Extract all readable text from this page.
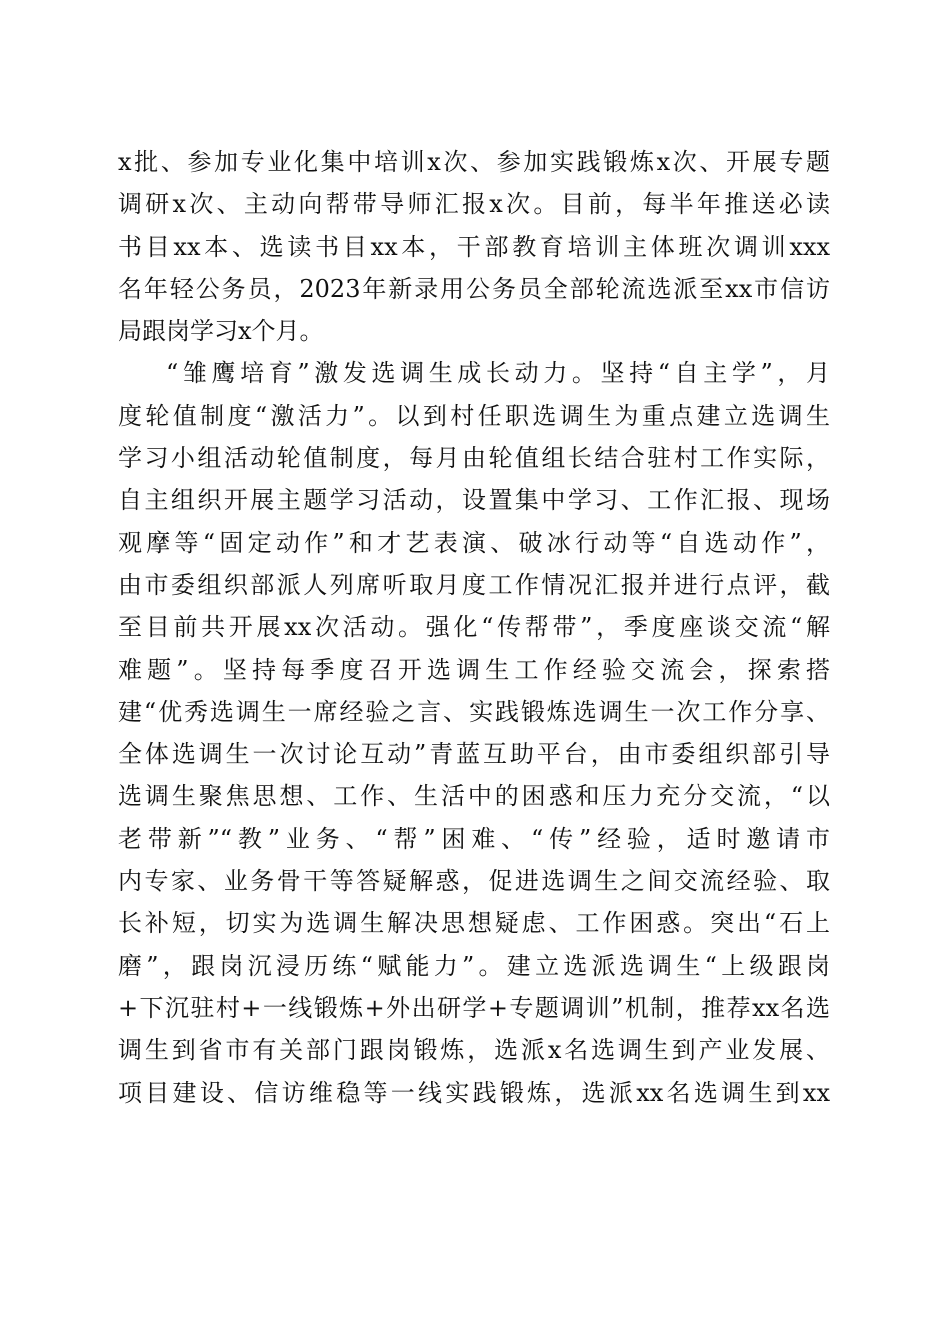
x批、参加专业化集中培训x次、参加实践锻炼x次、开展专题
调研x次、主动向帮带导师汇报x次。目前，每半年推送必读
书目xx本、选读书目xx本，干部教育培训主体班次调训xxx
名年轻公务员，2023年新录用公务员全部轮流选派至xx市信访
局跟岗学习x个月。
“雏鹰培育”激发选调生成长动力。坚持“自主学”，月
度轮值制度“激活力”。以到村任职选调生为重点建立选调生
学习小组活动轮值制度，每月由轮值组长结合驻村工作实际，
自主组织开展主题学习活动，设置集中学习、工作汇报、现场
观摩等“固定动作”和才艺表演、破冰行动等“自选动作”，
由市委组织部派人列席听取月度工作情况汇报并进行点评，截
至目前共开展xx次活动。强化“传帮带”，季度座谈交流“解
难题”。坚持每季度召开选调生工作经验交流会，探索搭
建“优秀选调生一席经验之言、实践锻炼选调生一次工作分享、
全体选调生一次讨论互动”青蓝互助平台，由市委组织部引导
选调生聚焦思想、工作、生活中的困惑和压力充分交流，“以
老带新”“教”业务、“帮”困难、“传”经验，适时邀请市
内专家、业务骨干等答疑解惑，促进选调生之间交流经验、取
长补短，切实为选调生解决思想疑虑、工作困惑。突出“石上
磨”，跟岗沉浸历练“赋能力”。建立选派选调生“上级跟岗
+下沉驻村+一线锻炼+外出研学+专题调训”机制，推荐xx名选
调生到省市有关部门跟岗锻炼，选派x名选调生到产业发展、
项目建设、信访维稳等一线实践锻炼，选派xx名选调生到xx
